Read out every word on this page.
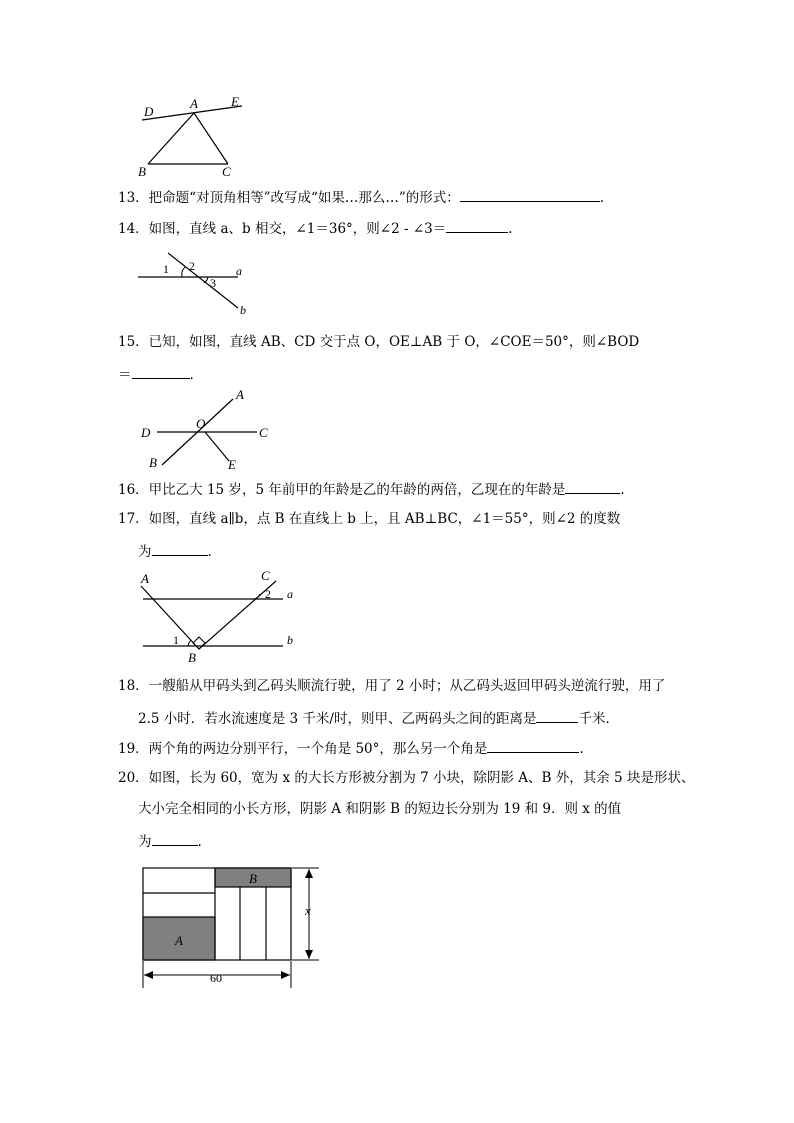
D
A	E
B	C
13．把命题“对顶角相等”改写成“如果…那么…”的形式：	.
14．如图，直线 a、b 相交，∠1＝36°，则∠2 - ∠3＝	.
1 2
3
a
b
15．已知，如图，直线 AB、CD 交于点 O，OE⊥AB 于 O，∠COE＝50°，则∠BOD
＝	.
A
O
D	C
B	E
16．甲比乙大 15 岁，5 年前甲的年龄是乙的年龄的两倍，乙现在的年龄是	.
17．如图，直线 a∥b，点 B 在直线上 b 上，且 AB⊥BC，∠1＝55°，则∠2 的度数
为	.
A	C
2 a
1
B
b
18．一艘船从甲码头到乙码头顺流行驶，用了 2 小时；从乙码头返回甲码头逆流行驶，用了
2.5 小时．若水流速度是 3 千米/时，则甲、乙两码头之间的距离是	千米．
19．两个角的两边分别平行，一个角是 50°，那么另一个角是	.
20．如图，长为 60，宽为 x 的大长方形被分割为 7 小块，除阴影 A、B 外，其余 5 块是形状、
大小完全相同的小长方形，阴影 A 和阴影 B 的短边长分别为 19 和 9．则 x 的值
为	.
B
A
x
60
